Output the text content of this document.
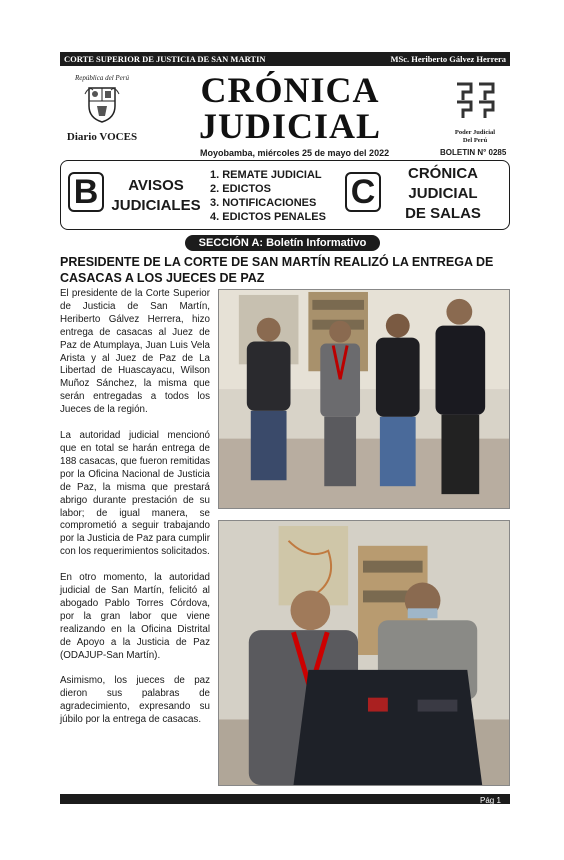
CORTE SUPERIOR DE JUSTICIA DE SAN MARTIN	MSc. Heriberto Gálvez Herrera
República del Perú
Diario VOCES
CRÓNICA
JUDICIAL
Moyobamba, miércoles 25 de mayo del 2022
Poder Judicial
Del Perú
BOLETIN N° 0285
B	AVISOS
JUDICIALES
1. REMATE JUDICIAL
2. EDICTOS
3. NOTIFICACIONES
4. EDICTOS PENALES
C	CRÓNICA
JUDICIAL
DE SALAS
SECCIÓN A: Boletín Informativo
PRESIDENTE DE LA CORTE DE SAN MARTÍN REALIZÓ LA ENTREGA DE CASACAS A LOS JUECES DE PAZ

El presidente de la Corte Superior de Justicia de San Martín, Heriberto Gálvez Herrera, hizo entrega de casacas al Juez de Paz de Atumplaya, Juan Luis Vela Arista y al Juez de Paz de La Libertad de Huascayacu, Wilson Muñoz Sánchez, la misma que serán entregadas a todos los Jueces de la región.

La autoridad judicial mencionó que en total se harán entrega de 188 casacas, que fueron remitidas por la Oficina Nacional de Justicia de Paz, la misma que prestará abrigo durante prestación de su labor; de igual manera, se comprometió a seguir trabajando por la Justicia de Paz para cumplir con los requerimientos solicitados.

En otro momento, la autoridad judicial de San Martín, felicitó al abogado Pablo Torres Córdova, por la gran labor que viene realizando en la Oficina Distrital de Apoyo a la Justicia de Paz (ODAJUP-San Martín).

Asimismo, los jueces de paz dieron sus palabras de agradecimiento, expresando su júbilo por la entrega de casacas.

Pág 1
